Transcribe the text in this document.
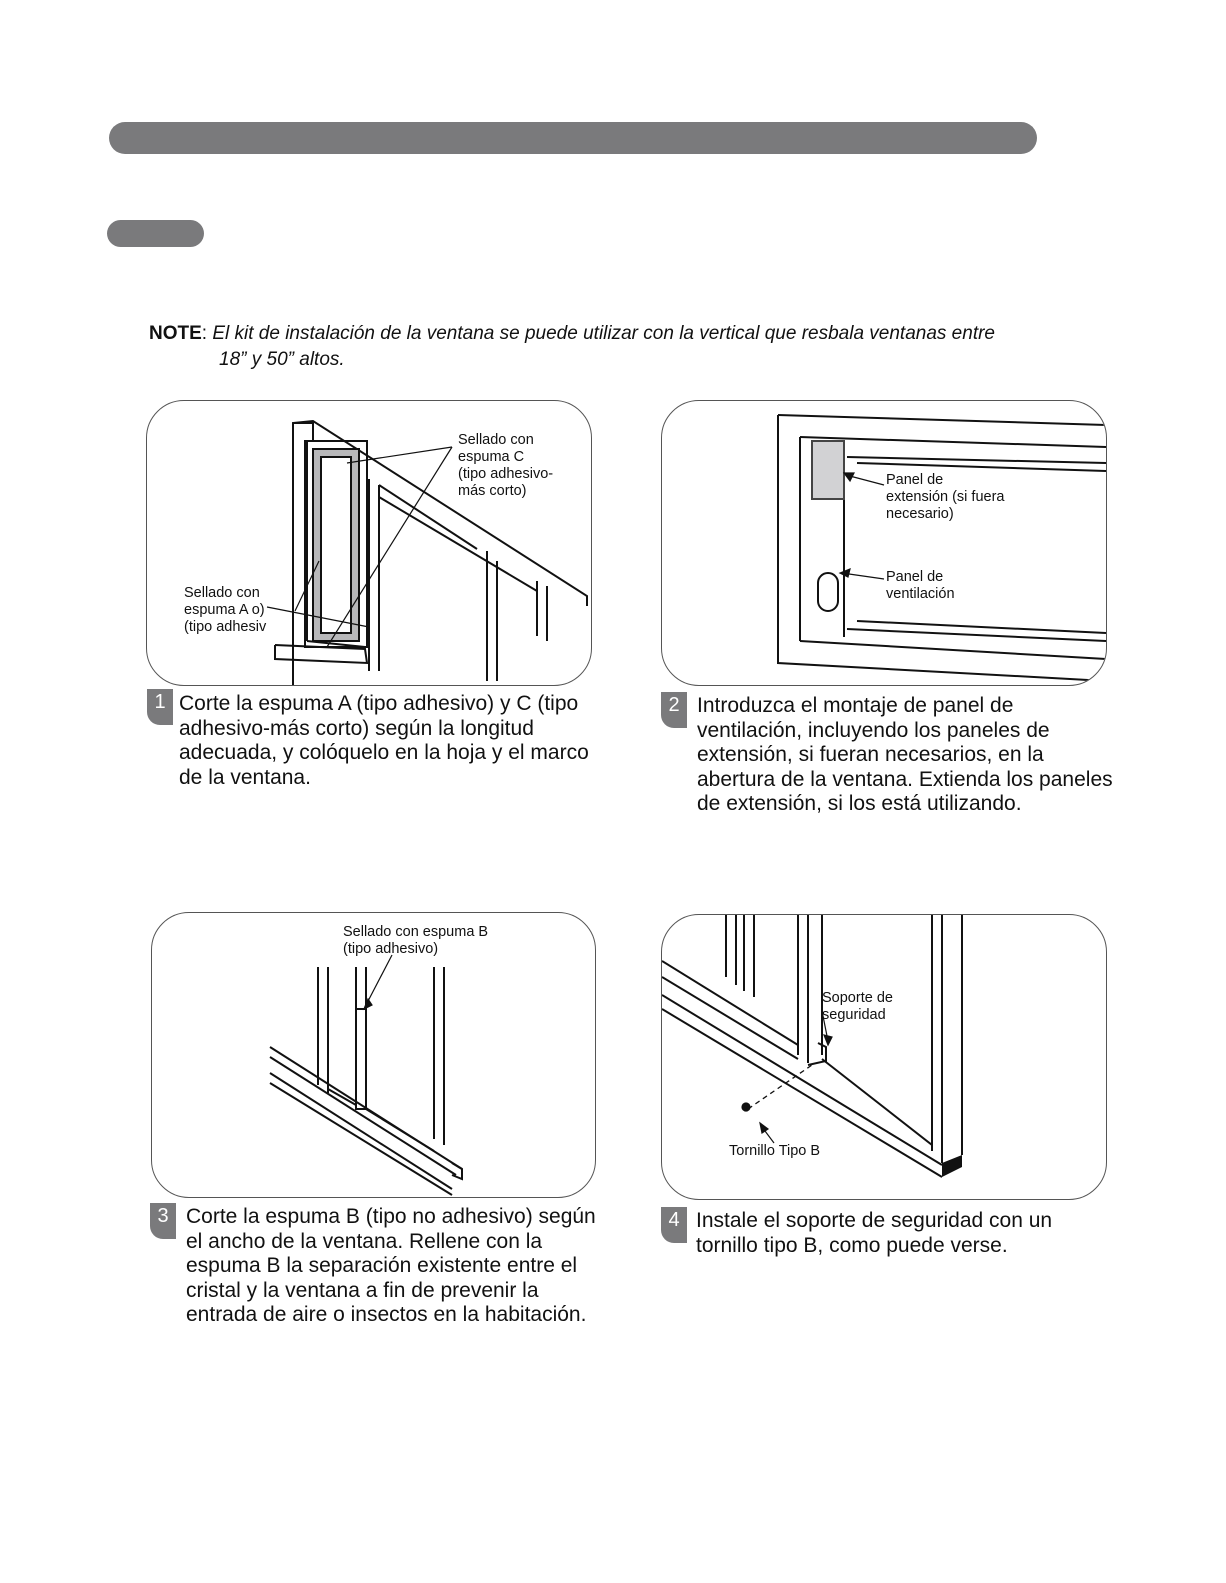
NOTE: El kit de instalación de la ventana se puede utilizar con la vertical que resbala ventanas entre
18” y 50” altos.
Sellado con
espuma C
(tipo adhesivo-
más corto)
Sellado con
espuma A o)
(tipo adhesiv
Panel de
extensión (si fuera
necesario)
Panel de
ventilación
Sellado con espuma B
(tipo adhesivo)
Soporte de
seguridad
Tornillo Tipo B
1 Corte la espuma A (tipo adhesivo) y C (tipo adhesivo-más corto) según la longitud adecuada, y colóquelo en la hoja y el marco de la ventana.
2 Introduzca el montaje de panel de ventilación, incluyendo los paneles de extensión, si fueran necesarios, en la abertura de la ventana. Extienda los paneles de extensión, si los está utilizando.
3 Corte la espuma B (tipo no adhesivo) según el ancho de la ventana. Rellene con la espuma B la separación existente entre el cristal y la ventana a fin de prevenir la entrada de aire o insectos en la habitación.
4 Instale el soporte de seguridad con un tornillo tipo B, como puede verse.
